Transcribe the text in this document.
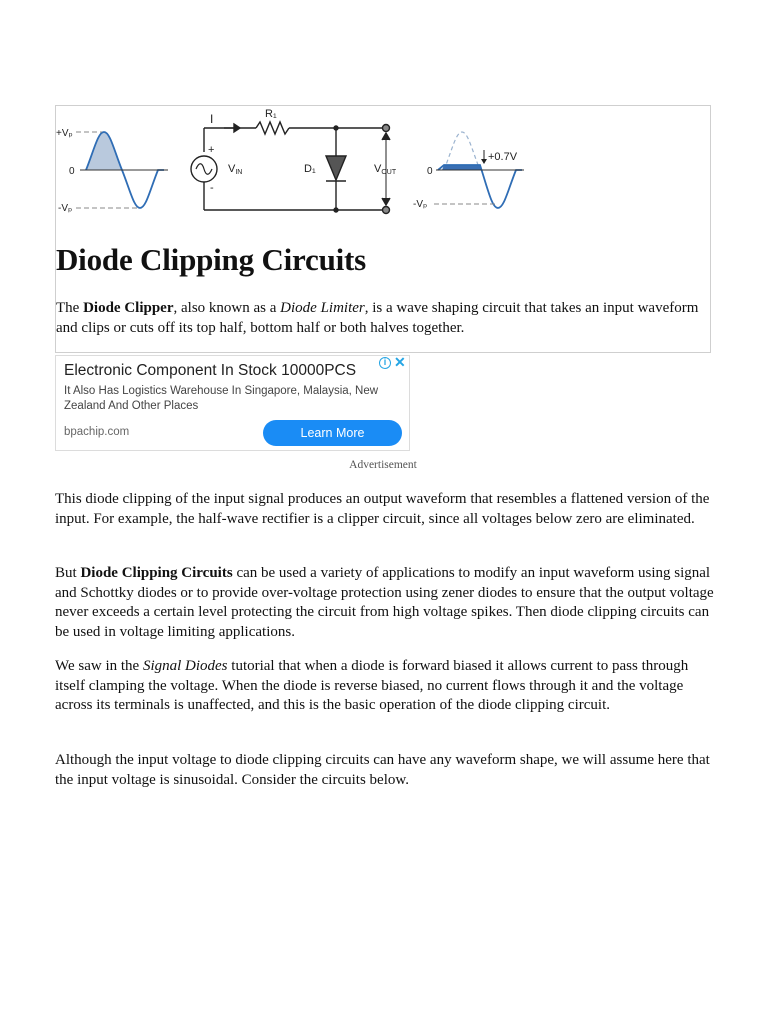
+Vₚ
0
-Vₚ
I	R₁
+
-
VIN	D₁	VOUT
+0.7V
0
-Vₚ
Diode Clipping Circuits

The Diode Clipper, also known as a Diode Limiter, is a wave shaping circuit that takes an input waveform and clips or cuts off its top half, bottom half or both halves together.

Electronic Component In Stock 10000PCS
It Also Has Logistics Warehouse In Singapore, Malaysia, New Zealand And Other Places
bpachip.com	Learn More
i ✕
Advertisement

This diode clipping of the input signal produces an output waveform that resembles a flattened version of the input. For example, the half-wave rectifier is a clipper circuit, since all voltages below zero are eliminated.

But Diode Clipping Circuits can be used a variety of applications to modify an input waveform using signal and Schottky diodes or to provide over-voltage protection using zener diodes to ensure that the output voltage never exceeds a certain level protecting the circuit from high voltage spikes. Then diode clipping circuits can be used in voltage limiting applications.

We saw in the Signal Diodes tutorial that when a diode is forward biased it allows current to pass through itself clamping the voltage. When the diode is reverse biased, no current flows through it and the voltage across its terminals is unaffected, and this is the basic operation of the diode clipping circuit.

Although the input voltage to diode clipping circuits can have any waveform shape, we will assume here that the input voltage is sinusoidal. Consider the circuits below.
